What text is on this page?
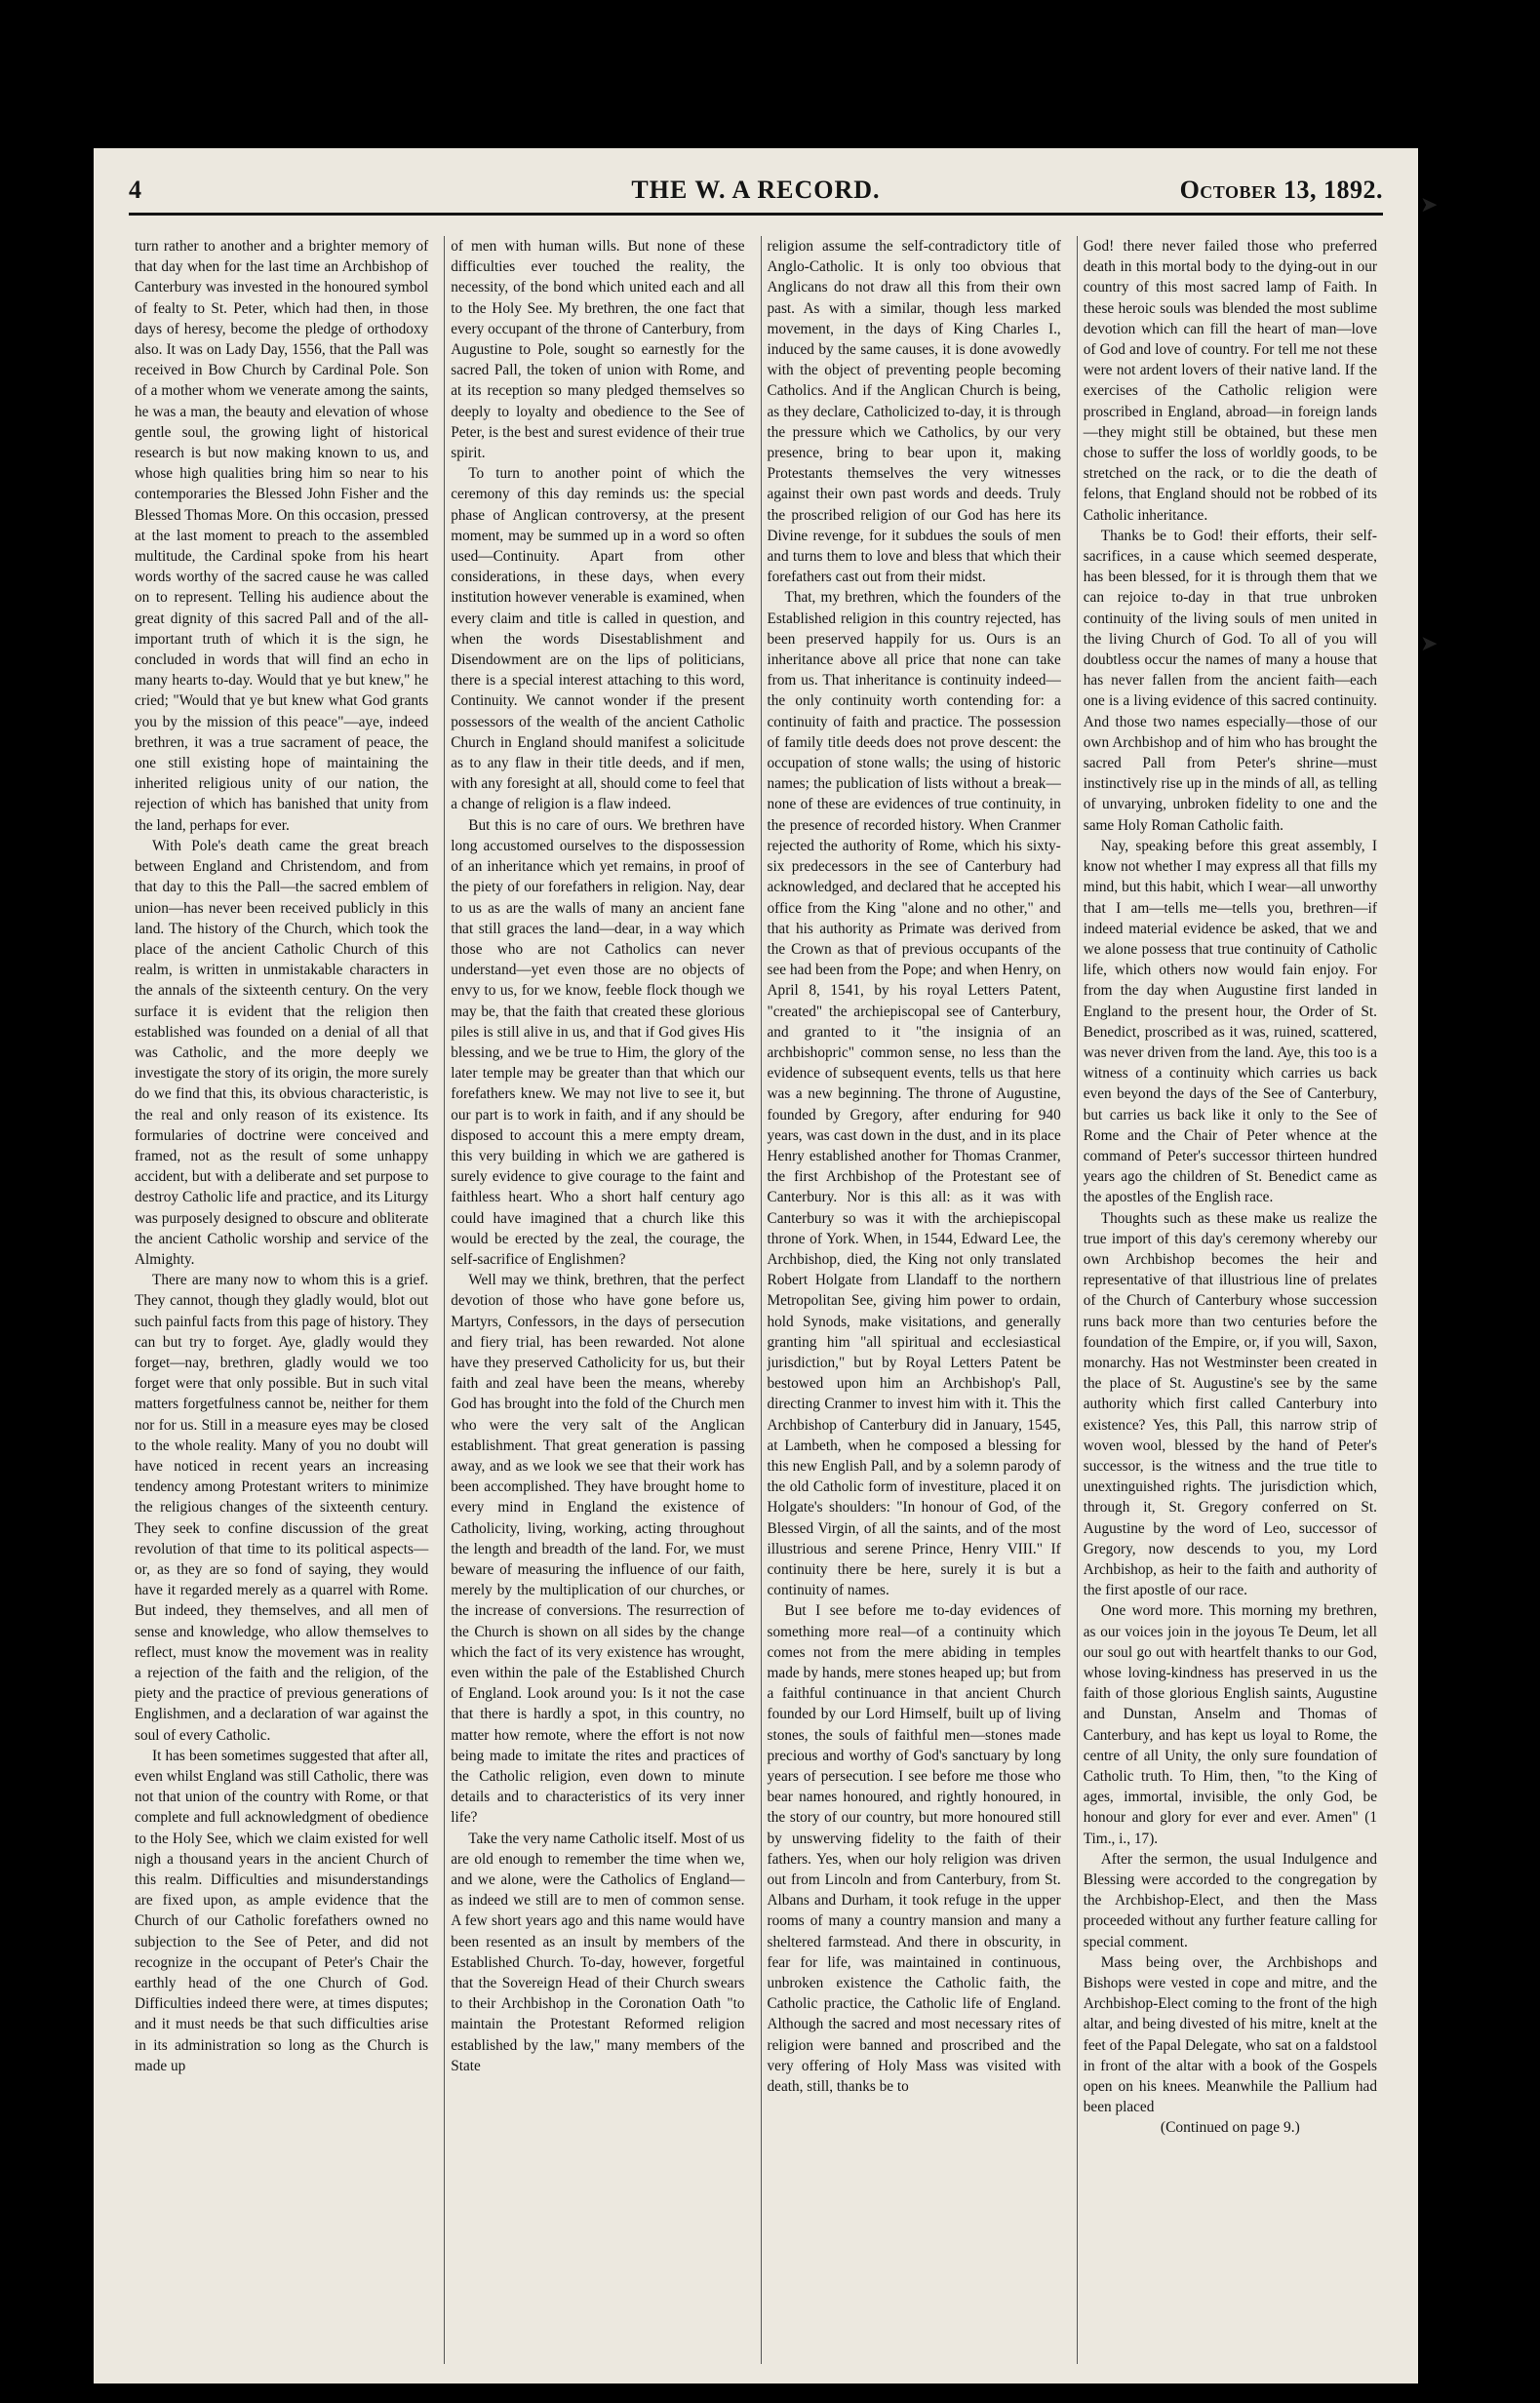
4	THE W. A RECORD.	October 13, 1892.

turn rather to another and a brighter memory of that day when for the last time an Archbishop of Canterbury was invested in the honoured symbol of fealty to St. Peter, which had then, in those days of heresy, become the pledge of orthodoxy also. It was on Lady Day, 1556, that the Pall was received in Bow Church by Cardinal Pole. Son of a mother whom we venerate among the saints, he was a man, the beauty and elevation of whose gentle soul, the growing light of historical research is but now making known to us, and whose high qualities bring him so near to his contemporaries the Blessed John Fisher and the Blessed Thomas More. On this occasion, pressed at the last moment to preach to the assembled multitude, the Cardinal spoke from his heart words worthy of the sacred cause he was called on to represent. Telling his audience about the great dignity of this sacred Pall and of the all-important truth of which it is the sign, he concluded in words that will find an echo in many hearts to-day. Would that ye but knew," he cried; "Would that ye but knew what God grants you by the mission of this peace"—aye, indeed brethren, it was a true sacrament of peace, the one still existing hope of maintaining the inherited religious unity of our nation, the rejection of which has banished that unity from the land, perhaps for ever.

With Pole's death came the great breach between England and Christendom, and from that day to this the Pall—the sacred emblem of union—has never been received publicly in this land. The history of the Church, which took the place of the ancient Catholic Church of this realm, is written in unmistakable characters in the annals of the sixteenth century. On the very surface it is evident that the religion then established was founded on a denial of all that was Catholic, and the more deeply we investigate the story of its origin, the more surely do we find that this, its obvious characteristic, is the real and only reason of its existence. Its formularies of doctrine were conceived and framed, not as the result of some unhappy accident, but with a deliberate and set purpose to destroy Catholic life and practice, and its Liturgy was purposely designed to obscure and obliterate the ancient Catholic worship and service of the Almighty.

There are many now to whom this is a grief. They cannot, though they gladly would, blot out such painful facts from this page of history. They can but try to forget. Aye, gladly would they forget—nay, brethren, gladly would we too forget were that only possible. But in such vital matters forgetfulness cannot be, neither for them nor for us. Still in a measure eyes may be closed to the whole reality. Many of you no doubt will have noticed in recent years an increasing tendency among Protestant writers to minimize the religious changes of the sixteenth century. They seek to confine discussion of the great revolution of that time to its political aspects—or, as they are so fond of saying, they would have it regarded merely as a quarrel with Rome. But indeed, they themselves, and all men of sense and knowledge, who allow themselves to reflect, must know the movement was in reality a rejection of the faith and the religion, of the piety and the practice of previous generations of Englishmen, and a declaration of war against the soul of every Catholic.

It has been sometimes suggested that after all, even whilst England was still Catholic, there was not that union of the country with Rome, or that complete and full acknowledgment of obedience to the Holy See, which we claim existed for well nigh a thousand years in the ancient Church of this realm. Difficulties and misunderstandings are fixed upon, as ample evidence that the Church of our Catholic forefathers owned no subjection to the See of Peter, and did not recognize in the occupant of Peter's Chair the earthly head of the one Church of God. Difficulties indeed there were, at times disputes; and it must needs be that such difficulties arise in its administration so long as the Church is made up

of men with human wills. But none of these difficulties ever touched the reality, the necessity, of the bond which united each and all to the Holy See. My brethren, the one fact that every occupant of the throne of Canterbury, from Augustine to Pole, sought so earnestly for the sacred Pall, the token of union with Rome, and at its reception so many pledged themselves so deeply to loyalty and obedience to the See of Peter, is the best and surest evidence of their true spirit.

To turn to another point of which the ceremony of this day reminds us: the special phase of Anglican controversy, at the present moment, may be summed up in a word so often used—Continuity. Apart from other considerations, in these days, when every institution however venerable is examined, when every claim and title is called in question, and when the words Disestablishment and Disendowment are on the lips of politicians, there is a special interest attaching to this word, Continuity. We cannot wonder if the present possessors of the wealth of the ancient Catholic Church in England should manifest a solicitude as to any flaw in their title deeds, and if men, with any foresight at all, should come to feel that a change of religion is a flaw indeed.

But this is no care of ours. We brethren have long accustomed ourselves to the dispossession of an inheritance which yet remains, in proof of the piety of our forefathers in religion. Nay, dear to us as are the walls of many an ancient fane that still graces the land—dear, in a way which those who are not Catholics can never understand—yet even those are no objects of envy to us, for we know, feeble flock though we may be, that the faith that created these glorious piles is still alive in us, and that if God gives His blessing, and we be true to Him, the glory of the later temple may be greater than that which our forefathers knew. We may not live to see it, but our part is to work in faith, and if any should be disposed to account this a mere empty dream, this very building in which we are gathered is surely evidence to give courage to the faint and faithless heart. Who a short half century ago could have imagined that a church like this would be erected by the zeal, the courage, the self-sacrifice of Englishmen?

Well may we think, brethren, that the perfect devotion of those who have gone before us, Martyrs, Confessors, in the days of persecution and fiery trial, has been rewarded. Not alone have they preserved Catholicity for us, but their faith and zeal have been the means, whereby God has brought into the fold of the Church men who were the very salt of the Anglican establishment. That great generation is passing away, and as we look we see that their work has been accomplished. They have brought home to every mind in England the existence of Catholicity, living, working, acting throughout the length and breadth of the land. For, we must beware of measuring the influence of our faith, merely by the multiplication of our churches, or the increase of conversions. The resurrection of the Church is shown on all sides by the change which the fact of its very existence has wrought, even within the pale of the Established Church of England. Look around you: Is it not the case that there is hardly a spot, in this country, no matter how remote, where the effort is not now being made to imitate the rites and practices of the Catholic religion, even down to minute details and to characteristics of its very inner life?

Take the very name Catholic itself. Most of us are old enough to remember the time when we, and we alone, were the Catholics of England—as indeed we still are to men of common sense. A few short years ago and this name would have been resented as an insult by members of the Established Church. To-day, however, forgetful that the Sovereign Head of their Church swears to their Archbishop in the Coronation Oath "to maintain the Protestant Reformed religion established by the law," many members of the State

religion assume the self-contradictory title of Anglo-Catholic. It is only too obvious that Anglicans do not draw all this from their own past. As with a similar, though less marked movement, in the days of King Charles I., induced by the same causes, it is done avowedly with the object of preventing people becoming Catholics. And if the Anglican Church is being, as they declare, Catholicized to-day, it is through the pressure which we Catholics, by our very presence, bring to bear upon it, making Protestants themselves the very witnesses against their own past words and deeds. Truly the proscribed religion of our God has here its Divine revenge, for it subdues the souls of men and turns them to love and bless that which their forefathers cast out from their midst.

That, my brethren, which the founders of the Established religion in this country rejected, has been preserved happily for us. Ours is an inheritance above all price that none can take from us. That inheritance is continuity indeed—the only continuity worth contending for: a continuity of faith and practice. The possession of family title deeds does not prove descent: the occupation of stone walls; the using of historic names; the publication of lists without a break—none of these are evidences of true continuity, in the presence of recorded history. When Cranmer rejected the authority of Rome, which his sixty-six predecessors in the see of Canterbury had acknowledged, and declared that he accepted his office from the King "alone and no other," and that his authority as Primate was derived from the Crown as that of previous occupants of the see had been from the Pope; and when Henry, on April 8, 1541, by his royal Letters Patent, "created" the archiepiscopal see of Canterbury, and granted to it "the insignia of an archbishopric" common sense, no less than the evidence of subsequent events, tells us that here was a new beginning. The throne of Augustine, founded by Gregory, after enduring for 940 years, was cast down in the dust, and in its place Henry established another for Thomas Cranmer, the first Archbishop of the Protestant see of Canterbury. Nor is this all: as it was with Canterbury so was it with the archiepiscopal throne of York. When, in 1544, Edward Lee, the Archbishop, died, the King not only translated Robert Holgate from Llandaff to the northern Metropolitan See, giving him power to ordain, hold Synods, make visitations, and generally granting him "all spiritual and ecclesiastical jurisdiction," but by Royal Letters Patent be bestowed upon him an Archbishop's Pall, directing Cranmer to invest him with it. This the Archbishop of Canterbury did in January, 1545, at Lambeth, when he composed a blessing for this new English Pall, and by a solemn parody of the old Catholic form of investiture, placed it on Holgate's shoulders: "In honour of God, of the Blessed Virgin, of all the saints, and of the most illustrious and serene Prince, Henry VIII." If continuity there be here, surely it is but a continuity of names.

But I see before me to-day evidences of something more real—of a continuity which comes not from the mere abiding in temples made by hands, mere stones heaped up; but from a faithful continuance in that ancient Church founded by our Lord Himself, built up of living stones, the souls of faithful men—stones made precious and worthy of God's sanctuary by long years of persecution. I see before me those who bear names honoured, and rightly honoured, in the story of our country, but more honoured still by unswerving fidelity to the faith of their fathers. Yes, when our holy religion was driven out from Lincoln and from Canterbury, from St. Albans and Durham, it took refuge in the upper rooms of many a country mansion and many a sheltered farmstead. And there in obscurity, in fear for life, was maintained in continuous, unbroken existence the Catholic faith, the Catholic practice, the Catholic life of England. Although the sacred and most necessary rites of religion were banned and proscribed and the very offering of Holy Mass was visited with death, still, thanks be to

God! there never failed those who preferred death in this mortal body to the dying-out in our country of this most sacred lamp of Faith. In these heroic souls was blended the most sublime devotion which can fill the heart of man—love of God and love of country. For tell me not these were not ardent lovers of their native land. If the exercises of the Catholic religion were proscribed in England, abroad—in foreign lands—they might still be obtained, but these men chose to suffer the loss of worldly goods, to be stretched on the rack, or to die the death of felons, that England should not be robbed of its Catholic inheritance.

Thanks be to God! their efforts, their self-sacrifices, in a cause which seemed desperate, has been blessed, for it is through them that we can rejoice to-day in that true unbroken continuity of the living souls of men united in the living Church of God. To all of you will doubtless occur the names of many a house that has never fallen from the ancient faith—each one is a living evidence of this sacred continuity. And those two names especially—those of our own Archbishop and of him who has brought the sacred Pall from Peter's shrine—must instinctively rise up in the minds of all, as telling of unvarying, unbroken fidelity to one and the same Holy Roman Catholic faith.

Nay, speaking before this great assembly, I know not whether I may express all that fills my mind, but this habit, which I wear—all unworthy that I am—tells me—tells you, brethren—if indeed material evidence be asked, that we and we alone possess that true continuity of Catholic life, which others now would fain enjoy. For from the day when Augustine first landed in England to the present hour, the Order of St. Benedict, proscribed as it was, ruined, scattered, was never driven from the land. Aye, this too is a witness of a continuity which carries us back even beyond the days of the See of Canterbury, but carries us back like it only to the See of Rome and the Chair of Peter whence at the command of Peter's successor thirteen hundred years ago the children of St. Benedict came as the apostles of the English race.

Thoughts such as these make us realize the true import of this day's ceremony whereby our own Archbishop becomes the heir and representative of that illustrious line of prelates of the Church of Canterbury whose succession runs back more than two centuries before the foundation of the Empire, or, if you will, Saxon, monarchy. Has not Westminster been created in the place of St. Augustine's see by the same authority which first called Canterbury into existence? Yes, this Pall, this narrow strip of woven wool, blessed by the hand of Peter's successor, is the witness and the true title to unextinguished rights. The jurisdiction which, through it, St. Gregory conferred on St. Augustine by the word of Leo, successor of Gregory, now descends to you, my Lord Archbishop, as heir to the faith and authority of the first apostle of our race.

One word more. This morning my brethren, as our voices join in the joyous Te Deum, let all our soul go out with heartfelt thanks to our God, whose loving-kindness has preserved in us the faith of those glorious English saints, Augustine and Dunstan, Anselm and Thomas of Canterbury, and has kept us loyal to Rome, the centre of all Unity, the only sure foundation of Catholic truth. To Him, then, "to the King of ages, immortal, invisible, the only God, be honour and glory for ever and ever. Amen" (1 Tim., i., 17).

After the sermon, the usual Indulgence and Blessing were accorded to the congregation by the Archbishop-Elect, and then the Mass proceeded without any further feature calling for special comment.

Mass being over, the Archbishops and Bishops were vested in cope and mitre, and the Archbishop-Elect coming to the front of the high altar, and being divested of his mitre, knelt at the feet of the Papal Delegate, who sat on a faldstool in front of the altar with a book of the Gospels open on his knees. Meanwhile the Pallium had been placed

(Continued on page 9.)

➤
➤
